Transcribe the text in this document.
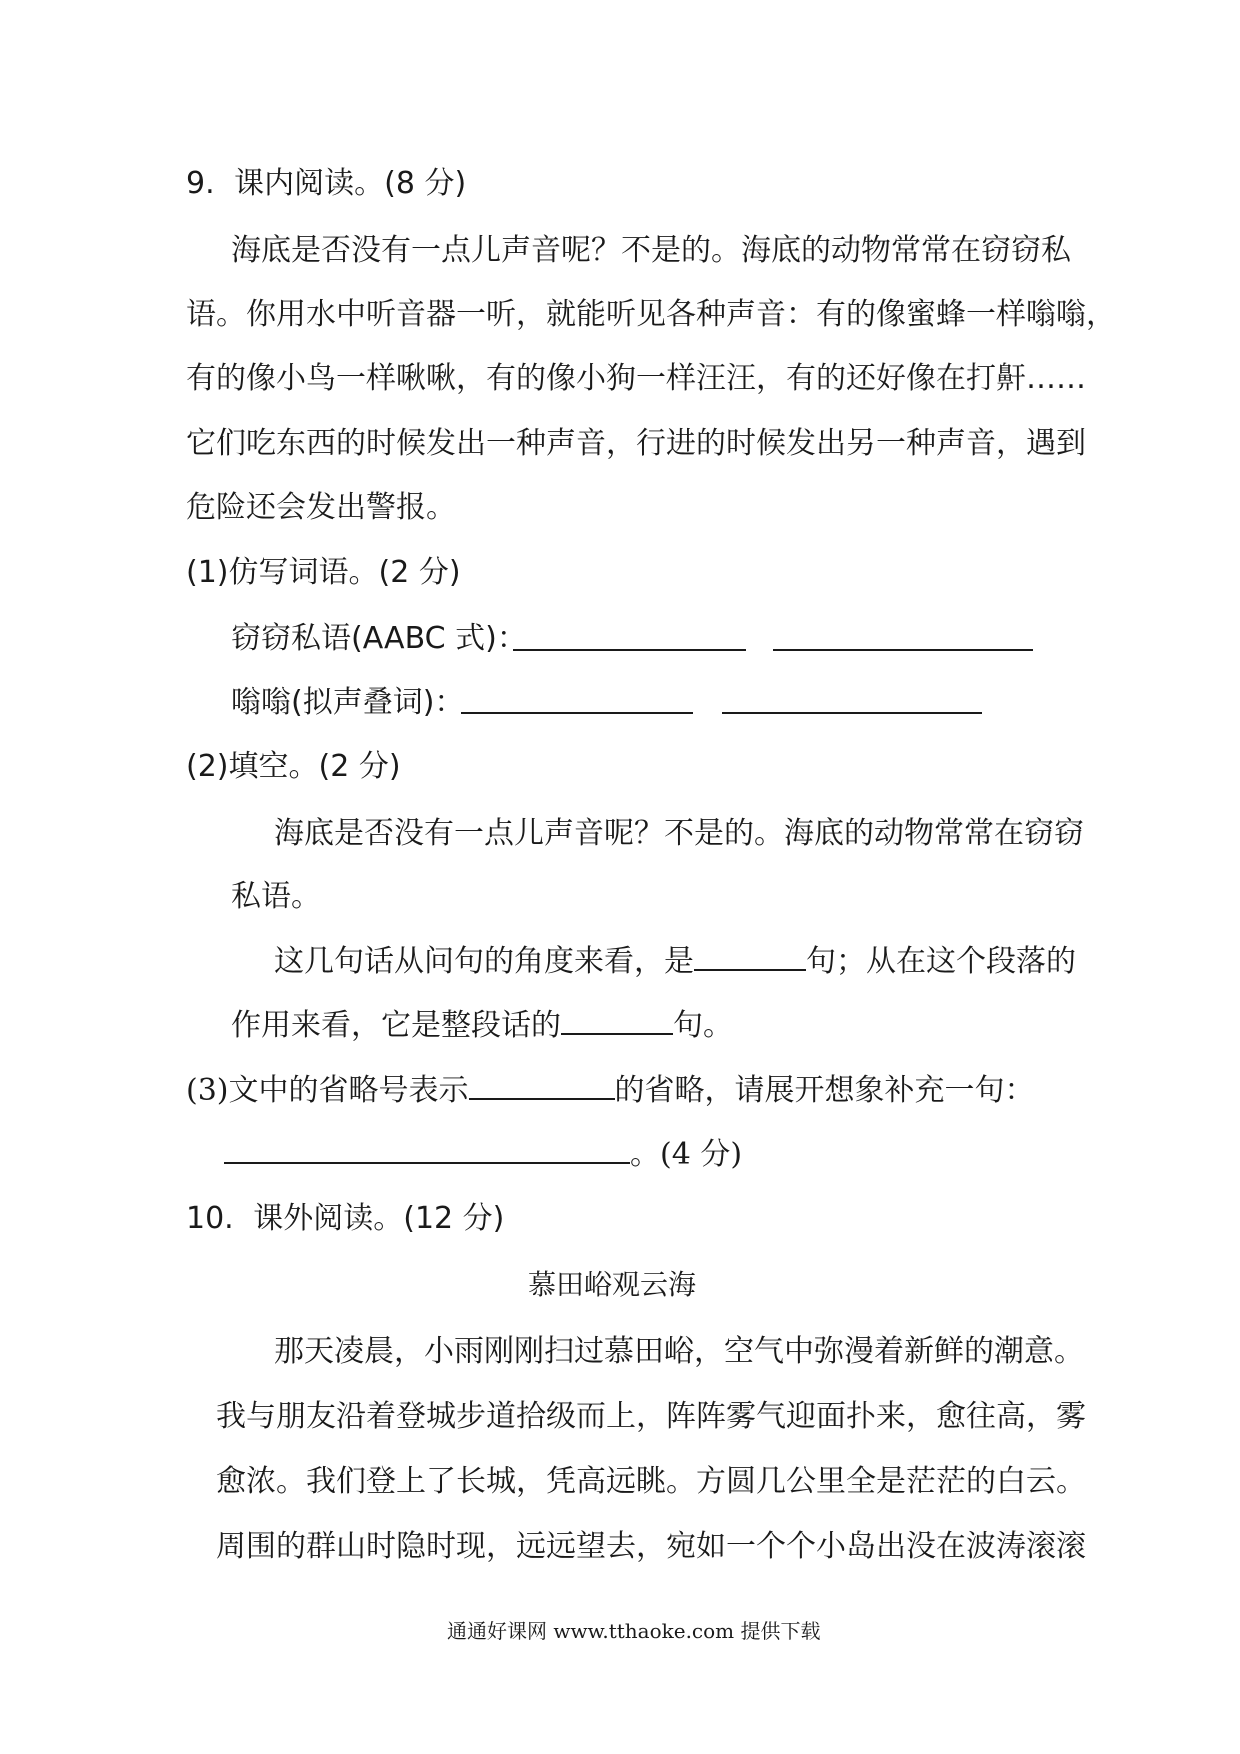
9. 课内阅读。(8 分)
海底是否没有一点儿声音呢？不是的。海底的动物常常在窃窃私
语。你用水中听音器一听，就能听见各种声音：有的像蜜蜂一样嗡嗡，
有的像小鸟一样啾啾，有的像小狗一样汪汪，有的还好像在打鼾……
它们吃东西的时候发出一种声音，行进的时候发出另一种声音，遇到
危险还会发出警报。
(1)仿写词语。(2 分)
窃窃私语(AABC 式)：
嗡嗡(拟声叠词)：
(2)填空。(2 分)
海底是否没有一点儿声音呢？不是的。海底的动物常常在窃窃
私语。
这几句话从问句的角度来看，是	句；从在这个段落的
作用来看，它是整段话的	句。
(3)文中的省略号表示	的省略，请展开想象补充一句：
。(4 分)
10. 课外阅读。(12 分)
慕田峪观云海
那天凌晨，小雨刚刚扫过慕田峪，空气中弥漫着新鲜的潮意。
我与朋友沿着登城步道拾级而上，阵阵雾气迎面扑来，愈往高，雾
愈浓。我们登上了长城，凭高远眺。方圆几公里全是茫茫的白云。
周围的群山时隐时现，远远望去，宛如一个个小岛出没在波涛滚滚
通通好课网 www.tthaoke.com 提供下载
